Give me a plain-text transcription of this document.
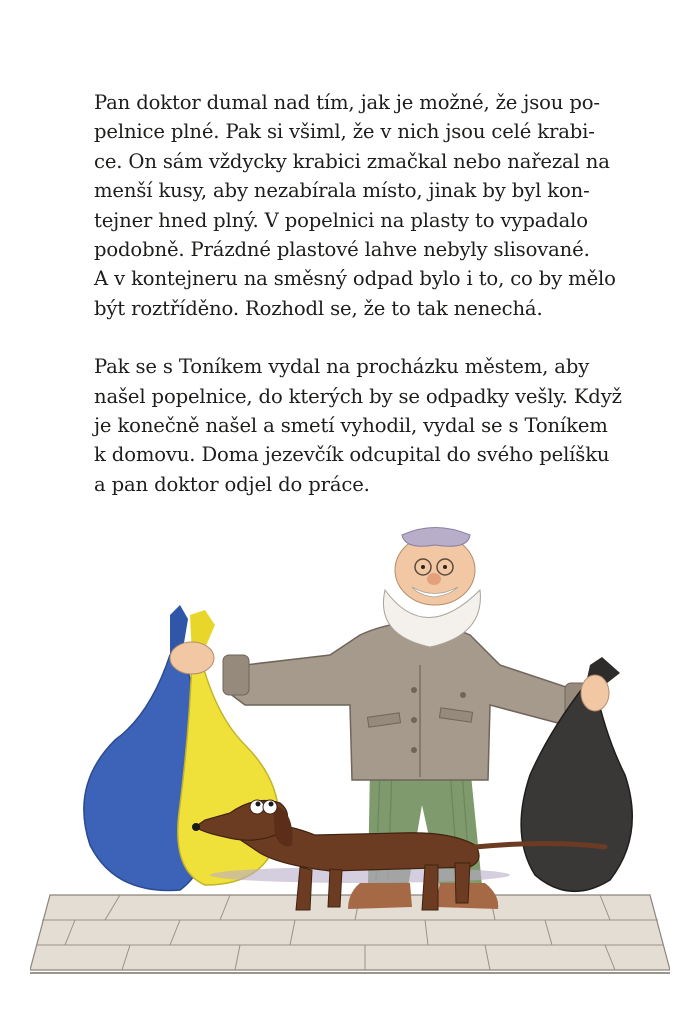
Pan doktor dumal nad tím, jak je možné, že jsou po-

pelnice plné. Pak si všiml, že v nich jsou celé krabi-

ce. On sám vždycky krabici zmačkal nebo nařezal na

menší kusy, aby nezabírala místo, jinak by byl kon-

tejner hned plný. V popelnici na plasty to vypadalo

podobně. Prázdné plastové lahve nebyly slisované.

A v kontejneru na směsný odpad bylo i to, co by mělo

být roztříděno. Rozhodl se, že to tak nenechá.

Pak se s Toníkem vydal na procházku městem, aby

našel popelnice, do kterých by se odpadky vešly. Když

je konečně našel a smetí vyhodil, vydal se s Toníkem

k domovu. Doma jezevčík odcupital do svého pelíšku

a pan doktor odjel do práce.
